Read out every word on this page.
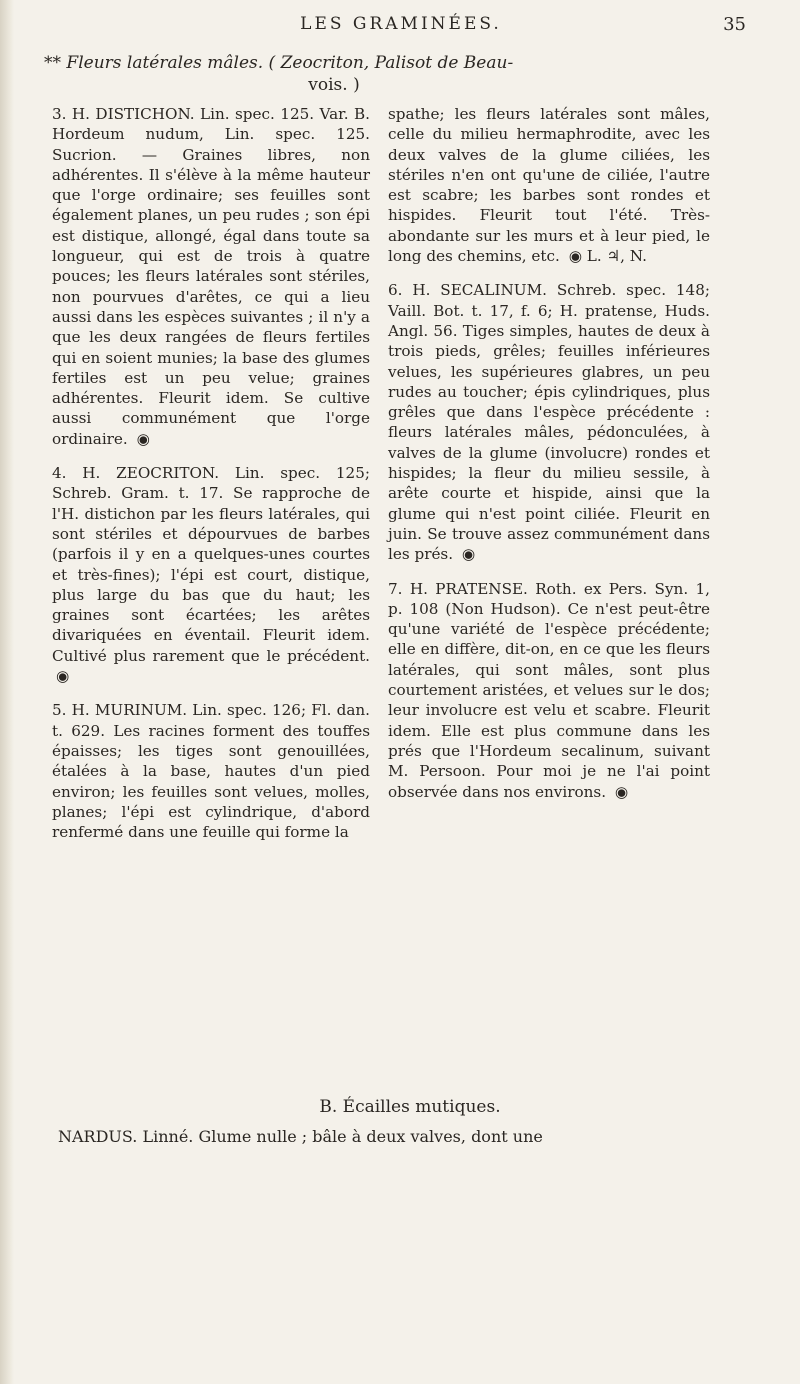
LES GRAMINÉES.	35
** Fleurs latérales mâles. ( Zeocriton, Palisot de Beau-
vois. )

3. H. DISTICHON. Lin. spec. 125. Var. B. Hordeum nudum, Lin. spec. 125. Sucrion. — Graines libres, non adhérentes. Il s'élève à la même hauteur que l'orge ordinaire; ses feuilles sont également planes, un peu rudes ; son épi est distique, allongé, égal dans toute sa longueur, qui est de trois à quatre pouces; les fleurs latérales sont stériles, non pourvues d'arêtes, ce qui a lieu aussi dans les espèces suivantes ; il n'y a que les deux rangées de fleurs fertiles qui en soient munies; la base des glumes fertiles est un peu velue; graines adhérentes. Fleurit idem. Se cultive aussi communément que l'orge ordinaire. ◉

4. H. ZEOCRITON. Lin. spec. 125; Schreb. Gram. t. 17. Se rapproche de l'H. distichon par les fleurs latérales, qui sont stériles et dépourvues de barbes (parfois il y en a quelques-unes courtes et très-fines); l'épi est court, distique, plus large du bas que du haut; les graines sont écartées; les arêtes divariquées en éventail. Fleurit idem. Cultivé plus rarement que le précédent. ◉

5. H. MURINUM. Lin. spec. 126; Fl. dan. t. 629. Les racines forment des touffes épaisses; les tiges sont genouillées, étalées à la base, hautes d'un pied environ; les feuilles sont velues, molles, planes; l'épi est cylindrique, d'abord renfermé dans une feuille qui forme la

spathe; les fleurs latérales sont mâles, celle du milieu hermaphrodite, avec les deux valves de la glume ciliées, les stériles n'en ont qu'une de ciliée, l'autre est scabre; les barbes sont rondes et hispides. Fleurit tout l'été. Très-abondante sur les murs et à leur pied, le long des chemins, etc. ◉ L. ♃, N.

6. H. SECALINUM. Schreb. spec. 148; Vaill. Bot. t. 17, f. 6; H. pratense, Huds. Angl. 56. Tiges simples, hautes de deux à trois pieds, grêles; feuilles inférieures velues, les supérieures glabres, un peu rudes au toucher; épis cylindriques, plus grêles que dans l'espèce précédente : fleurs latérales mâles, pédonculées, à valves de la glume (involucre) rondes et hispides; la fleur du milieu sessile, à arête courte et hispide, ainsi que la glume qui n'est point ciliée. Fleurit en juin. Se trouve assez communément dans les prés. ◉

7. H. PRATENSE. Roth. ex Pers. Syn. 1, p. 108 (Non Hudson). Ce n'est peut-être qu'une variété de l'espèce précédente; elle en diffère, dit-on, en ce que les fleurs latérales, qui sont mâles, sont plus courtement aristées, et velues sur le dos; leur involucre est velu et scabre. Fleurit idem. Elle est plus commune dans les prés que l'Hordeum secalinum, suivant M. Persoon. Pour moi je ne l'ai point observée dans nos environs. ◉

B. Écailles mutiques.
NARDUS. Linné. Glume nulle ; bâle à deux valves, dont une
